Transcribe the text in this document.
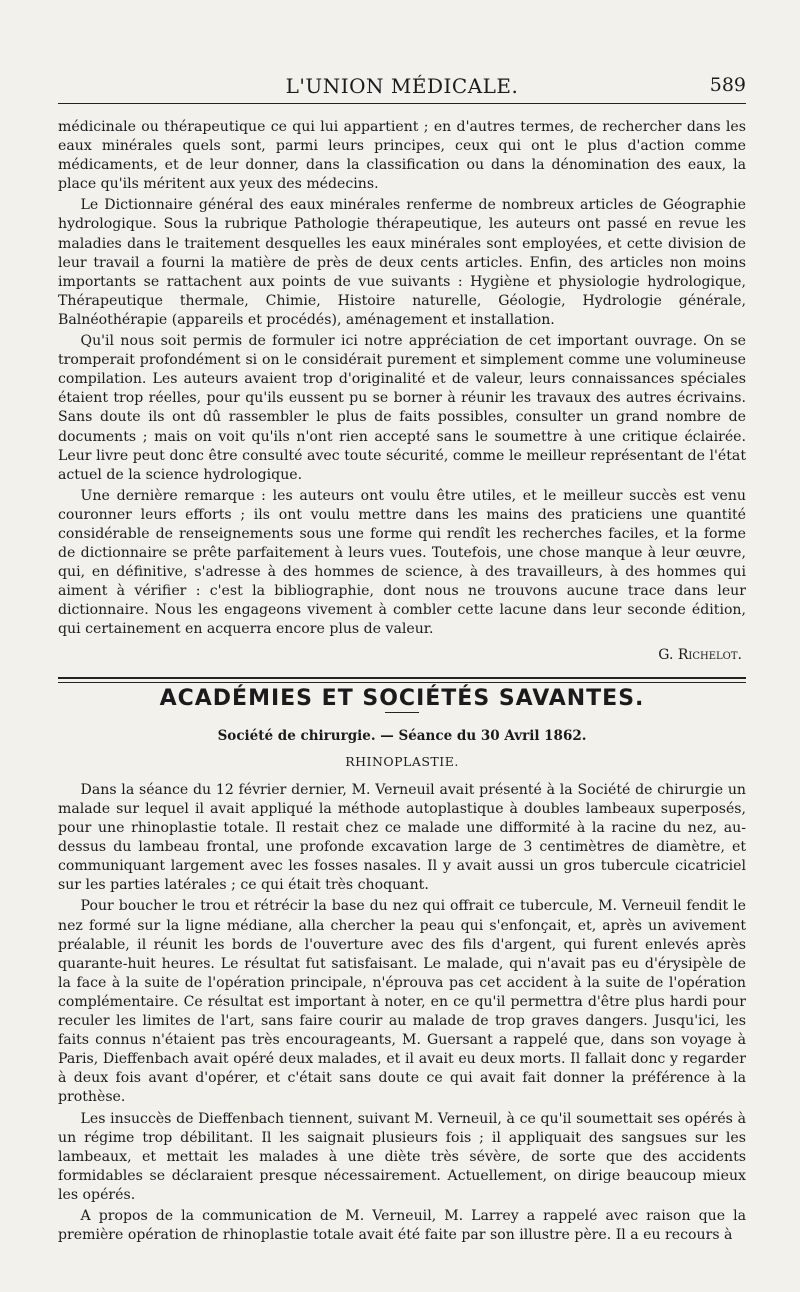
L'UNION MÉDICALE.	589

médicinale ou thérapeutique ce qui lui appartient ; en d'autres termes, de rechercher dans les eaux minérales quels sont, parmi leurs principes, ceux qui ont le plus d'action comme médicaments, et de leur donner, dans la classification ou dans la dénomination des eaux, la place qu'ils méritent aux yeux des médecins.

Le Dictionnaire général des eaux minérales renferme de nombreux articles de Géographie hydrologique. Sous la rubrique Pathologie thérapeutique, les auteurs ont passé en revue les maladies dans le traitement desquelles les eaux minérales sont employées, et cette division de leur travail a fourni la matière de près de deux cents articles. Enfin, des articles non moins importants se rattachent aux points de vue suivants : Hygiène et physiologie hydrologique, Thérapeutique thermale, Chimie, Histoire naturelle, Géologie, Hydrologie générale, Balnéothérapie (appareils et procédés), aménagement et installation.

Qu'il nous soit permis de formuler ici notre appréciation de cet important ouvrage. On se tromperait profondément si on le considérait purement et simplement comme une volumineuse compilation. Les auteurs avaient trop d'originalité et de valeur, leurs connaissances spéciales étaient trop réelles, pour qu'ils eussent pu se borner à réunir les travaux des autres écrivains. Sans doute ils ont dû rassembler le plus de faits possibles, consulter un grand nombre de documents ; mais on voit qu'ils n'ont rien accepté sans le soumettre à une critique éclairée. Leur livre peut donc être consulté avec toute sécurité, comme le meilleur représentant de l'état actuel de la science hydrologique.

Une dernière remarque : les auteurs ont voulu être utiles, et le meilleur succès est venu couronner leurs efforts ; ils ont voulu mettre dans les mains des praticiens une quantité considérable de renseignements sous une forme qui rendît les recherches faciles, et la forme de dictionnaire se prête parfaitement à leurs vues. Toutefois, une chose manque à leur œuvre, qui, en définitive, s'adresse à des hommes de science, à des travailleurs, à des hommes qui aiment à vérifier : c'est la bibliographie, dont nous ne trouvons aucune trace dans leur dictionnaire. Nous les engageons vivement à combler cette lacune dans leur seconde édition, qui certainement en acquerra encore plus de valeur.

G. Richelot.
ACADÉMIES ET SOCIÉTÉS SAVANTES.
Société de chirurgie. — Séance du 30 Avril 1862.
RHINOPLASTIE.

Dans la séance du 12 février dernier, M. Verneuil avait présenté à la Société de chirurgie un malade sur lequel il avait appliqué la méthode autoplastique à doubles lambeaux superposés, pour une rhinoplastie totale. Il restait chez ce malade une difformité à la racine du nez, au-dessus du lambeau frontal, une profonde excavation large de 3 centimètres de diamètre, et communiquant largement avec les fosses nasales. Il y avait aussi un gros tubercule cicatriciel sur les parties latérales ; ce qui était très choquant.

Pour boucher le trou et rétrécir la base du nez qui offrait ce tubercule, M. Verneuil fendit le nez formé sur la ligne médiane, alla chercher la peau qui s'enfonçait, et, après un avivement préalable, il réunit les bords de l'ouverture avec des fils d'argent, qui furent enlevés après quarante-huit heures. Le résultat fut satisfaisant. Le malade, qui n'avait pas eu d'érysipèle de la face à la suite de l'opération principale, n'éprouva pas cet accident à la suite de l'opération complémentaire. Ce résultat est important à noter, en ce qu'il permettra d'être plus hardi pour reculer les limites de l'art, sans faire courir au malade de trop graves dangers. Jusqu'ici, les faits connus n'étaient pas très encourageants, M. Guersant a rappelé que, dans son voyage à Paris, Dieffenbach avait opéré deux malades, et il avait eu deux morts. Il fallait donc y regarder à deux fois avant d'opérer, et c'était sans doute ce qui avait fait donner la préférence à la prothèse.

Les insuccès de Dieffenbach tiennent, suivant M. Verneuil, à ce qu'il soumettait ses opérés à un régime trop débilitant. Il les saignait plusieurs fois ; il appliquait des sangsues sur les lambeaux, et mettait les malades à une diète très sévère, de sorte que des accidents formidables se déclaraient presque nécessairement. Actuellement, on dirige beaucoup mieux les opérés.

A propos de la communication de M. Verneuil, M. Larrey a rappelé avec raison que la première opération de rhinoplastie totale avait été faite par son illustre père. Il a eu recours à
